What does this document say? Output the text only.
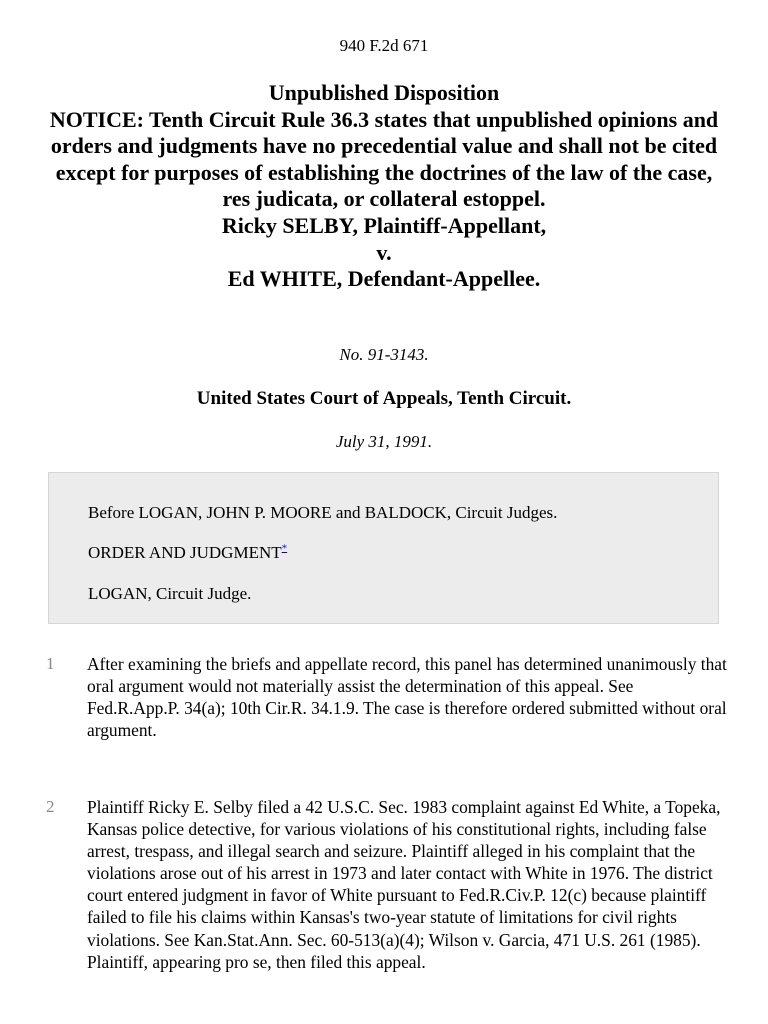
940 F.2d 671
Unpublished Disposition
NOTICE: Tenth Circuit Rule 36.3 states that unpublished opinions and orders and judgments have no precedential value and shall not be cited except for purposes of establishing the doctrines of the law of the case, res judicata, or collateral estoppel.
Ricky SELBY, Plaintiff-Appellant,
v.
Ed WHITE, Defendant-Appellee.
No. 91-3143.
United States Court of Appeals, Tenth Circuit.
July 31, 1991.
Before LOGAN, JOHN P. MOORE and BALDOCK, Circuit Judges.
ORDER AND JUDGMENT*
LOGAN, Circuit Judge.
1	After examining the briefs and appellate record, this panel has determined unanimously that oral argument would not materially assist the determination of this appeal. See Fed.R.App.P. 34(a); 10th Cir.R. 34.1.9. The case is therefore ordered submitted without oral argument.
2	Plaintiff Ricky E. Selby filed a 42 U.S.C. Sec. 1983 complaint against Ed White, a Topeka, Kansas police detective, for various violations of his constitutional rights, including false arrest, trespass, and illegal search and seizure. Plaintiff alleged in his complaint that the violations arose out of his arrest in 1973 and later contact with White in 1976. The district court entered judgment in favor of White pursuant to Fed.R.Civ.P. 12(c) because plaintiff failed to file his claims within Kansas's two-year statute of limitations for civil rights violations. See Kan.Stat.Ann. Sec. 60-513(a)(4); Wilson v. Garcia, 471 U.S. 261 (1985). Plaintiff, appearing pro se, then filed this appeal.
